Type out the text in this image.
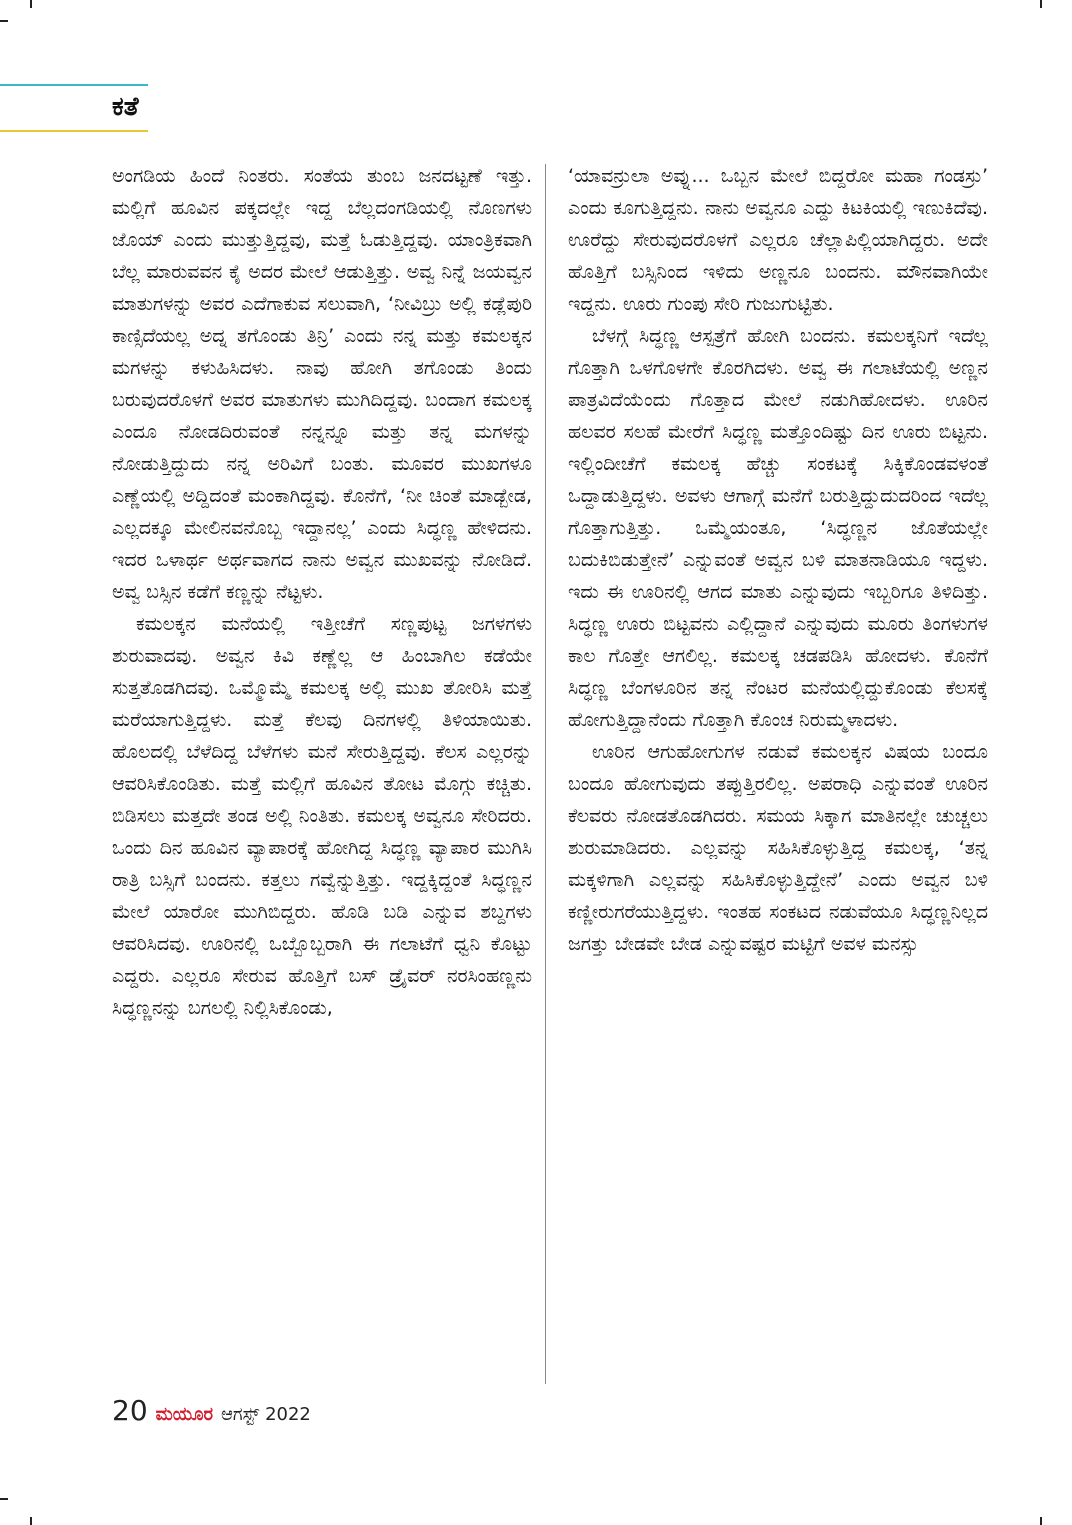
ಕತೆ

ಅಂಗಡಿಯ ಹಿಂದೆ ನಿಂತರು. ಸಂತೆಯ ತುಂಬ ಜನದಟ್ಟಣೆ ಇತ್ತು. ಮಲ್ಲಿಗೆ ಹೂವಿನ ಪಕ್ಕದಲ್ಲೇ ಇದ್ದ ಬೆಲ್ಲದಂಗಡಿಯಲ್ಲಿ ನೊಣಗಳು ಜೊಯ್ ಎಂದು ಮುತ್ತುತ್ತಿದ್ದವು, ಮತ್ತೆ ಓಡುತ್ತಿದ್ದವು. ಯಾಂತ್ರಿಕವಾಗಿ ಬೆಲ್ಲ ಮಾರುವವನ ಕೈ ಅದರ ಮೇಲೆ ಆಡುತ್ತಿತ್ತು. ಅವ್ವ ನಿನ್ನೆ ಜಯವ್ವನ ಮಾತುಗಳನ್ನು ಅವರ ಎದೆಗಾಕುವ ಸಲುವಾಗಿ, ‘ನೀವಿಬ್ರು ಅಲ್ಲಿ ಕಡ್ಲೆಪುರಿ ಕಾಣ್ಸಿದೆಯಲ್ಲ ಅದ್ನ ತಗೊಂಡು ತಿನ್ರಿ’ ಎಂದು ನನ್ನ ಮತ್ತು ಕಮಲಕ್ಕನ ಮಗಳನ್ನು ಕಳುಹಿಸಿದಳು. ನಾವು ಹೋಗಿ ತಗೊಂಡು ತಿಂದು ಬರುವುದರೊಳಗೆ ಅವರ ಮಾತುಗಳು ಮುಗಿದಿದ್ದವು. ಬಂದಾಗ ಕಮಲಕ್ಕ ಎಂದೂ ನೋಡದಿರುವಂತೆ ನನ್ನನ್ನೂ ಮತ್ತು ತನ್ನ ಮಗಳನ್ನು ನೋಡುತ್ತಿದ್ದುದು ನನ್ನ ಅರಿವಿಗೆ ಬಂತು. ಮೂವರ ಮುಖಗಳೂ ಎಣ್ಣೆಯಲ್ಲಿ ಅದ್ದಿದಂತೆ ಮಂಕಾಗಿದ್ದವು. ಕೊನೆಗೆ, ‘ನೀ ಚಿಂತೆ ಮಾಡ್ಬೇಡ, ಎಲ್ಲದಕ್ಕೂ ಮೇಲಿನವನೊಬ್ಬ ಇದ್ದಾನಲ್ಲ’ ಎಂದು ಸಿದ್ಧಣ್ಣ ಹೇಳಿದನು. ಇದರ ಒಳಾರ್ಥ ಅರ್ಥವಾಗದ ನಾನು ಅವ್ವನ ಮುಖವನ್ನು ನೋಡಿದೆ. ಅವ್ವ ಬಸ್ಸಿನ ಕಡೆಗೆ ಕಣ್ಣನ್ನು ನೆಟ್ಟಳು.

ಕಮಲಕ್ಕನ ಮನೆಯಲ್ಲಿ ಇತ್ತೀಚೆಗೆ ಸಣ್ಣಪುಟ್ಟ ಜಗಳಗಳು ಶುರುವಾದವು. ಅವ್ವನ ಕಿವಿ ಕಣ್ಣೆಲ್ಲ ಆ ಹಿಂಬಾಗಿಲ ಕಡೆಯೇ ಸುತ್ತತೊಡಗಿದವು. ಒಮ್ಮೊಮ್ಮೆ ಕಮಲಕ್ಕ ಅಲ್ಲಿ ಮುಖ ತೋರಿಸಿ ಮತ್ತೆ ಮರೆಯಾಗುತ್ತಿದ್ದಳು. ಮತ್ತೆ ಕೆಲವು ದಿನಗಳಲ್ಲಿ ತಿಳಿಯಾಯಿತು. ಹೊಲದಲ್ಲಿ ಬೆಳೆದಿದ್ದ ಬೆಳೆಗಳು ಮನೆ ಸೇರುತ್ತಿದ್ದವು. ಕೆಲಸ ಎಲ್ಲರನ್ನು ಆವರಿಸಿಕೊಂಡಿತು. ಮತ್ತೆ ಮಲ್ಲಿಗೆ ಹೂವಿನ ತೋಟ ಮೊಗ್ಗು ಕಚ್ಚಿತು. ಬಿಡಿಸಲು ಮತ್ತದೇ ತಂಡ ಅಲ್ಲಿ ನಿಂತಿತು. ಕಮಲಕ್ಕ ಅವ್ವನೂ ಸೇರಿದರು. ಒಂದು ದಿನ ಹೂವಿನ ವ್ಯಾಪಾರಕ್ಕೆ ಹೋಗಿದ್ದ ಸಿದ್ಧಣ್ಣ ವ್ಯಾಪಾರ ಮುಗಿಸಿ ರಾತ್ರಿ ಬಸ್ಸಿಗೆ ಬಂದನು. ಕತ್ತಲು ಗವ್ವೆನ್ನುತ್ತಿತ್ತು. ಇದ್ದಕ್ಕಿದ್ದಂತೆ ಸಿದ್ಧಣ್ಣನ ಮೇಲೆ ಯಾರೋ ಮುಗಿಬಿದ್ದರು. ಹೊಡಿ ಬಡಿ ಎನ್ನುವ ಶಬ್ದಗಳು ಆವರಿಸಿದವು. ಊರಿನಲ್ಲಿ ಒಬ್ಬೊಬ್ಬರಾಗಿ ಈ ಗಲಾಟೆಗೆ ಧ್ವನಿ ಕೊಟ್ಟು ಎದ್ದರು. ಎಲ್ಲರೂ ಸೇರುವ ಹೊತ್ತಿಗೆ ಬಸ್ ಡ್ರೈವರ್ ನರಸಿಂಹಣ್ಣನು ಸಿದ್ಧಣ್ಣನನ್ನು ಬಗಲಲ್ಲಿ ನಿಲ್ಲಿಸಿಕೊಂಡು,

‘ಯಾವನ್ರುಲಾ ಅವ್ನು... ಒಬ್ಬನ ಮೇಲೆ ಬಿದ್ದರೋ ಮಹಾ ಗಂಡಸ್ರು’ ಎಂದು ಕೂಗುತ್ತಿದ್ದನು. ನಾನು ಅವ್ವನೂ ಎದ್ದು ಕಿಟಕಿಯಲ್ಲಿ ಇಣುಕಿದೆವು. ಊರೆದ್ದು ಸೇರುವುದರೊಳಗೆ ಎಲ್ಲರೂ ಚೆಲ್ಲಾಪಿಲ್ಲಿಯಾಗಿದ್ದರು. ಅದೇ ಹೊತ್ತಿಗೆ ಬಸ್ಸಿನಿಂದ ಇಳಿದು ಅಣ್ಣನೂ ಬಂದನು. ಮೌನವಾಗಿಯೇ ಇದ್ದನು. ಊರು ಗುಂಪು ಸೇರಿ ಗುಜುಗುಟ್ಟಿತು.

ಬೆಳಗ್ಗೆ ಸಿದ್ಧಣ್ಣ ಆಸ್ಪತ್ರೆಗೆ ಹೋಗಿ ಬಂದನು. ಕಮಲಕ್ಕನಿಗೆ ಇದೆಲ್ಲ ಗೊತ್ತಾಗಿ ಒಳಗೊಳಗೇ ಕೊರಗಿದಳು. ಅವ್ವ ಈ ಗಲಾಟೆಯಲ್ಲಿ ಅಣ್ಣನ ಪಾತ್ರವಿದೆಯೆಂದು ಗೊತ್ತಾದ ಮೇಲೆ ನಡುಗಿಹೋದಳು. ಊರಿನ ಹಲವರ ಸಲಹೆ ಮೇರೆಗೆ ಸಿದ್ಧಣ್ಣ ಮತ್ತೊಂದಿಷ್ಟು ದಿನ ಊರು ಬಿಟ್ಟನು. ಇಲ್ಲಿಂದೀಚೆಗೆ ಕಮಲಕ್ಕ ಹೆಚ್ಚು ಸಂಕಟಕ್ಕೆ ಸಿಕ್ಕಿಕೊಂಡವಳಂತೆ ಒದ್ದಾಡುತ್ತಿದ್ದಳು. ಅವಳು ಆಗಾಗ್ಗೆ ಮನೆಗೆ ಬರುತ್ತಿದ್ದುದುದರಿಂದ ಇದೆಲ್ಲ ಗೊತ್ತಾಗುತ್ತಿತ್ತು. ಒಮ್ಮೆಯಂತೂ, ‘ಸಿದ್ಧಣ್ಣನ ಜೊತೆಯಲ್ಲೇ ಬದುಕಿಬಿಡುತ್ತೇನೆ’ ಎನ್ನುವಂತೆ ಅವ್ವನ ಬಳಿ ಮಾತನಾಡಿಯೂ ಇದ್ದಳು. ಇದು ಈ ಊರಿನಲ್ಲಿ ಆಗದ ಮಾತು ಎನ್ನುವುದು ಇಬ್ಬರಿಗೂ ತಿಳಿದಿತ್ತು. ಸಿದ್ಧಣ್ಣ ಊರು ಬಿಟ್ಟವನು ಎಲ್ಲಿದ್ದಾನೆ ಎನ್ನುವುದು ಮೂರು ತಿಂಗಳುಗಳ ಕಾಲ ಗೊತ್ತೇ ಆಗಲಿಲ್ಲ. ಕಮಲಕ್ಕ ಚಡಪಡಿಸಿ ಹೋದಳು. ಕೊನೆಗೆ ಸಿದ್ಧಣ್ಣ ಬೆಂಗಳೂರಿನ ತನ್ನ ನೆಂಟರ ಮನೆಯಲ್ಲಿದ್ದುಕೊಂಡು ಕೆಲಸಕ್ಕೆ ಹೋಗುತ್ತಿದ್ದಾನೆಂದು ಗೊತ್ತಾಗಿ ಕೊಂಚ ನಿರುಮ್ಮಳಾದಳು.

ಊರಿನ ಆಗುಹೋಗುಗಳ ನಡುವೆ ಕಮಲಕ್ಕನ ವಿಷಯ ಬಂದೂ ಬಂದೂ ಹೋಗುವುದು ತಪ್ಪುತ್ತಿರಲಿಲ್ಲ. ಅಪರಾಧಿ ಎನ್ನುವಂತೆ ಊರಿನ ಕೆಲವರು ನೋಡತೊಡಗಿದರು. ಸಮಯ ಸಿಕ್ಕಾಗ ಮಾತಿನಲ್ಲೇ ಚುಚ್ಚಲು ಶುರುಮಾಡಿದರು. ಎಲ್ಲವನ್ನು ಸಹಿಸಿಕೊಳ್ಳುತ್ತಿದ್ದ ಕಮಲಕ್ಕ, ‘ತನ್ನ ಮಕ್ಕಳಿಗಾಗಿ ಎಲ್ಲವನ್ನು ಸಹಿಸಿಕೊಳ್ಳುತ್ತಿದ್ದೇನೆ’ ಎಂದು ಅವ್ವನ ಬಳಿ ಕಣ್ಣೀರುಗರೆಯುತ್ತಿದ್ದಳು. ಇಂತಹ ಸಂಕಟದ ನಡುವೆಯೂ ಸಿದ್ಧಣ್ಣನಿಲ್ಲದ ಜಗತ್ತು ಬೇಡವೇ ಬೇಡ ಎನ್ನುವಷ್ಟರ ಮಟ್ಟಿಗೆ ಅವಳ ಮನಸ್ಸು

20 ಮಯೂರ ಆಗಸ್ಟ್ 2022
